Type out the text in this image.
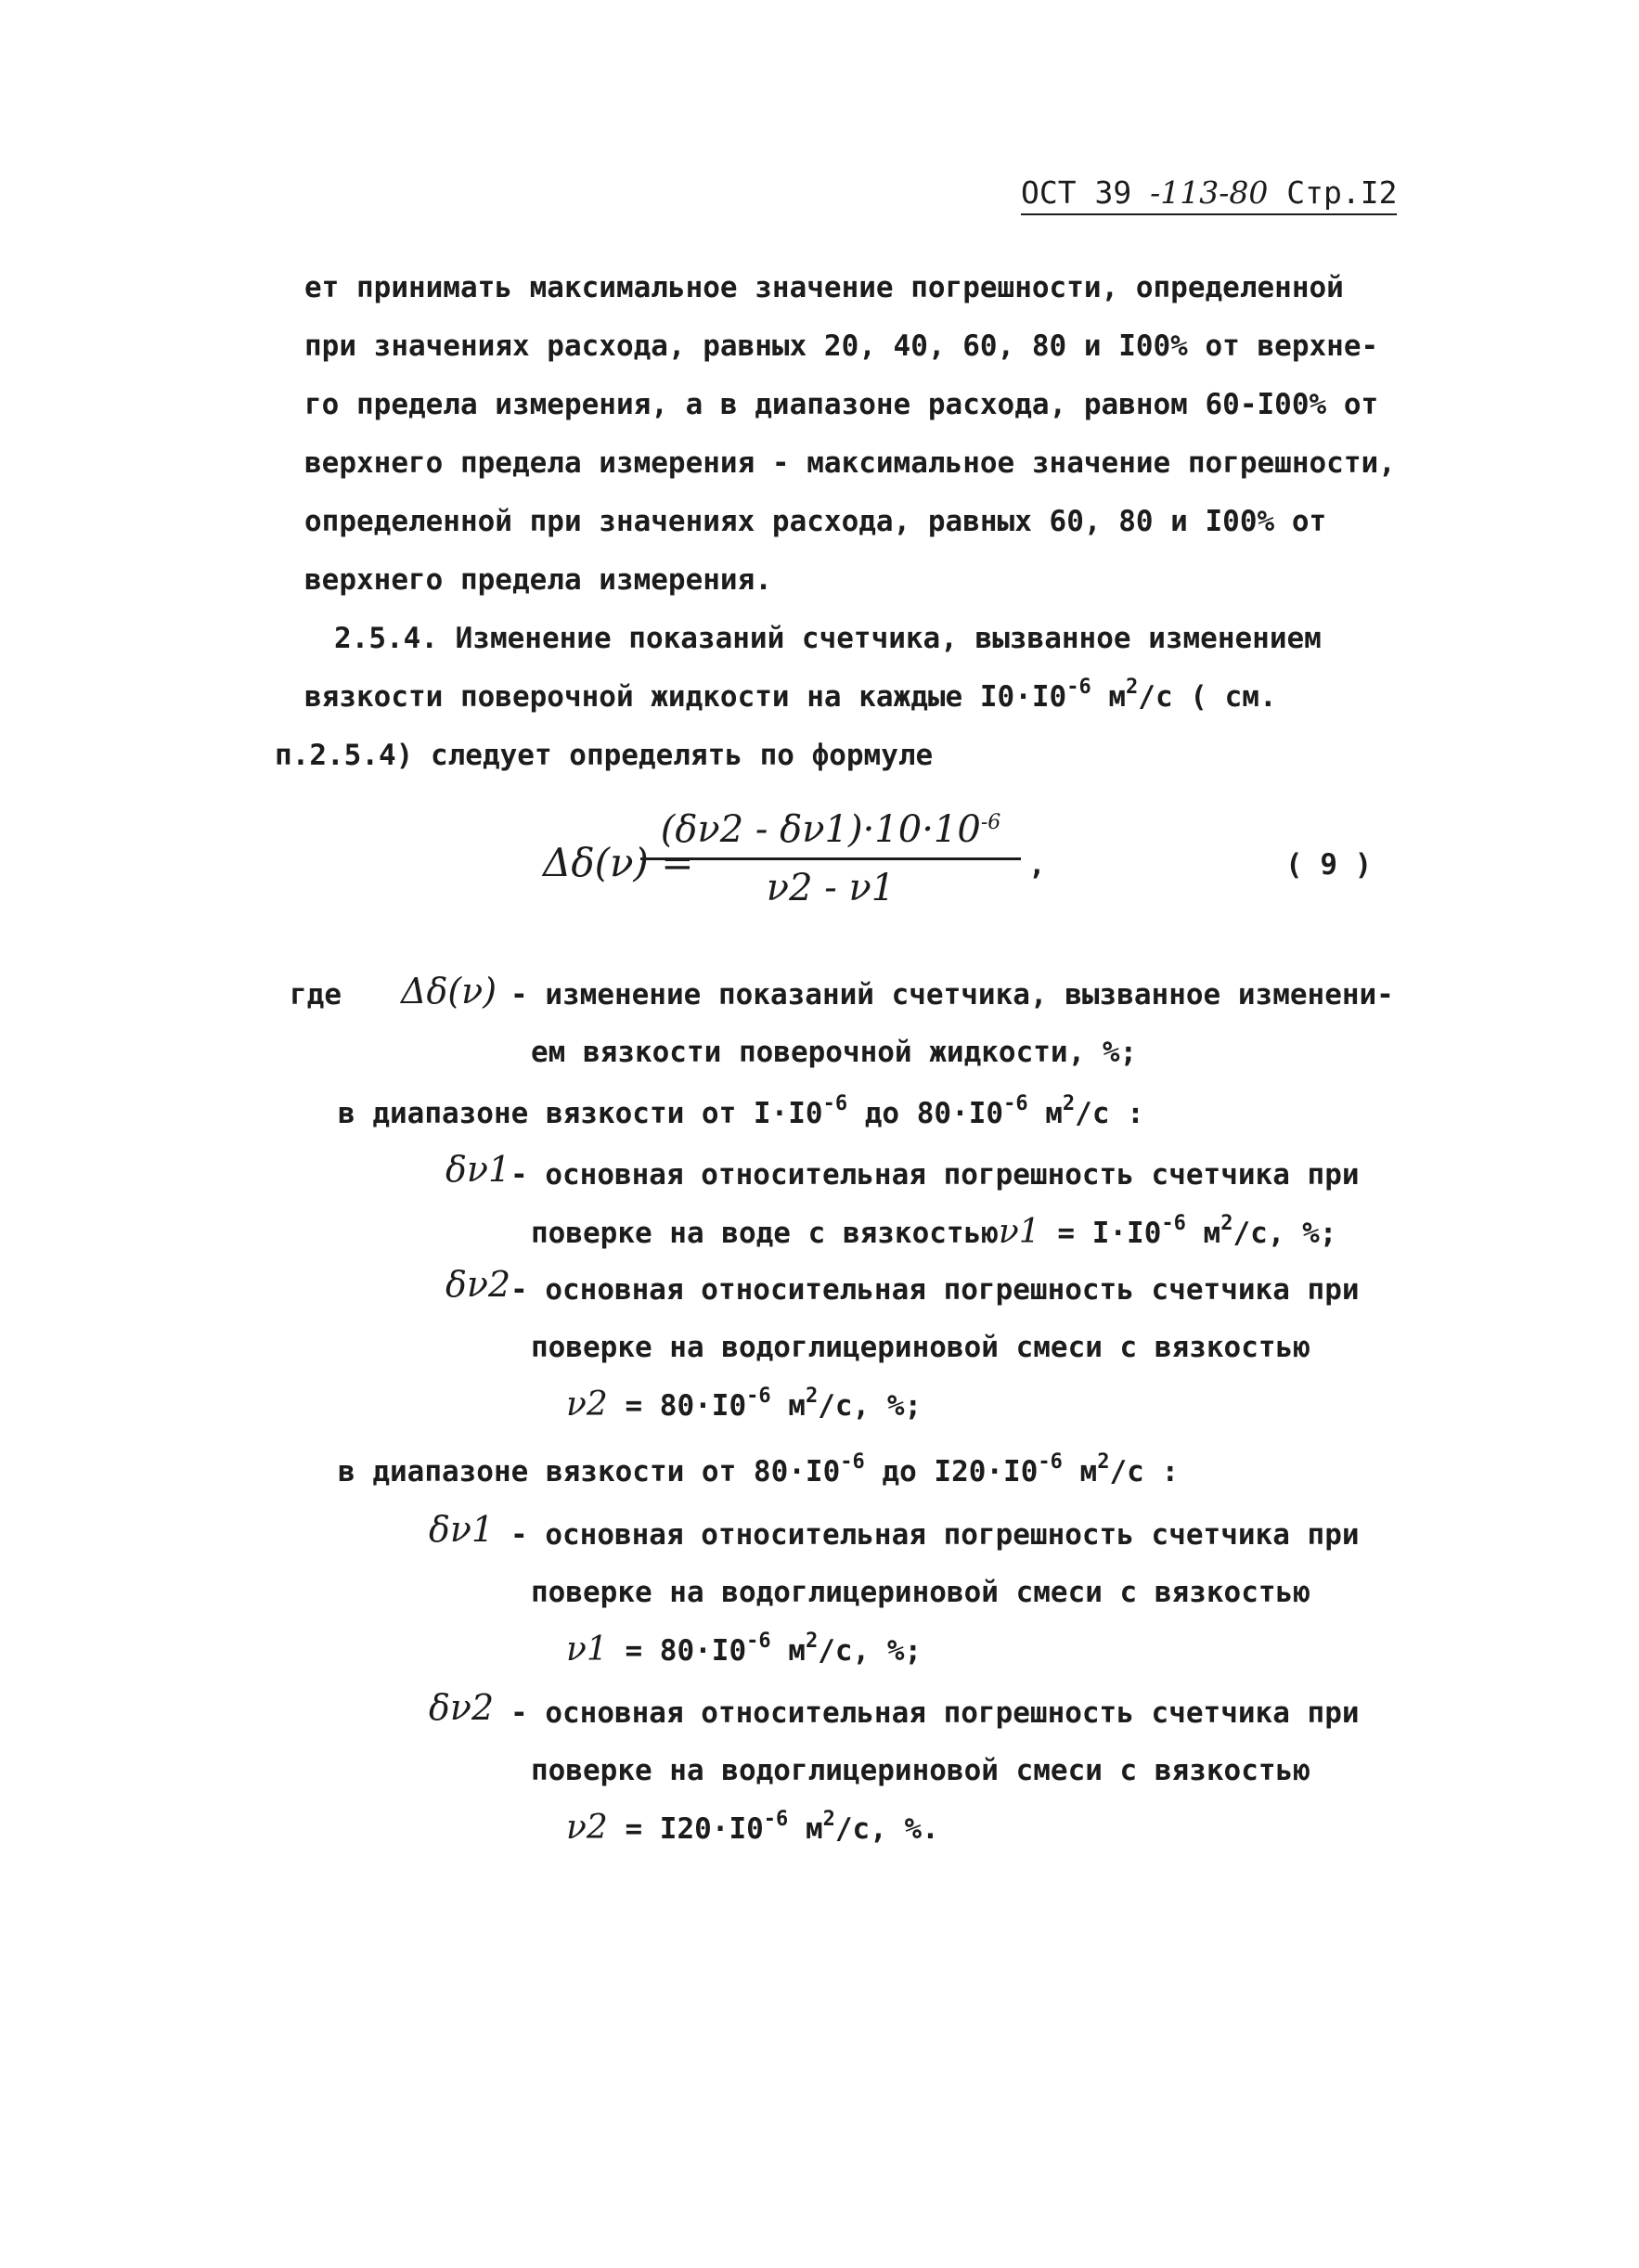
ОСТ 39 -113-80 Стр.I2
ет принимать максимальное значение погрешности, определенной
при значениях расхода, равных 20, 40, 60, 80 и I00% от верхне-
го предела измерения, а в диапазоне расхода, равном 60-I00% от
верхнего предела измерения - максимальное значение погрешности,
определенной при значениях расхода, равных 60, 80 и I00% от
верхнего предела измерения.
2.5.4. Изменение показаний счетчика, вызванное изменением
вязкости поверочной жидкости на каждые $I0\cdot I0^{-6}$ $м^2/с$ ( см.
п.2.5.4) следует определять по формуле
Δδ(ν) =
$(\delta\nu 2 - \delta\nu 1)\cdot 10\cdot 10^{-6}$
ν2 - ν1
,	( 9 )
где Δδ(ν) - изменение показаний счетчика, вызванное изменени-
ем вязкости поверочной жидкости, %;
в диапазоне вязкости от $I\cdot I0^{-6}$ до $80\cdot I0^{-6}$ $м^2/с$ :
δν1 - основная относительная погрешность счетчика при
поверке на воде с вязкостьюν1 = $I\cdot I0^{-6}$ $м^2/с$, %;
δν2 - основная относительная погрешность счетчика при
поверке на водоглицериновой смеси с вязкостью
$\nu 2 = 80\cdot I0^{-6}$ $м^2/с$, %;
в диапазоне вязкости от $80\cdot I0^{-6}$ до $I20\cdot I0^{-6}$ $м^2/с$ :
δν1 - основная относительная погрешность счетчика при
поверке на водоглицериновой смеси с вязкостью
$\nu 1 = 80\cdot I0^{-6}$ $м^2/с$, %;
δν2 - основная относительная погрешность счетчика при
поверке на водоглицериновой смеси с вязкостью
$\nu 2 = I20\cdot I0^{-6}$ $м^2/с$, %.
